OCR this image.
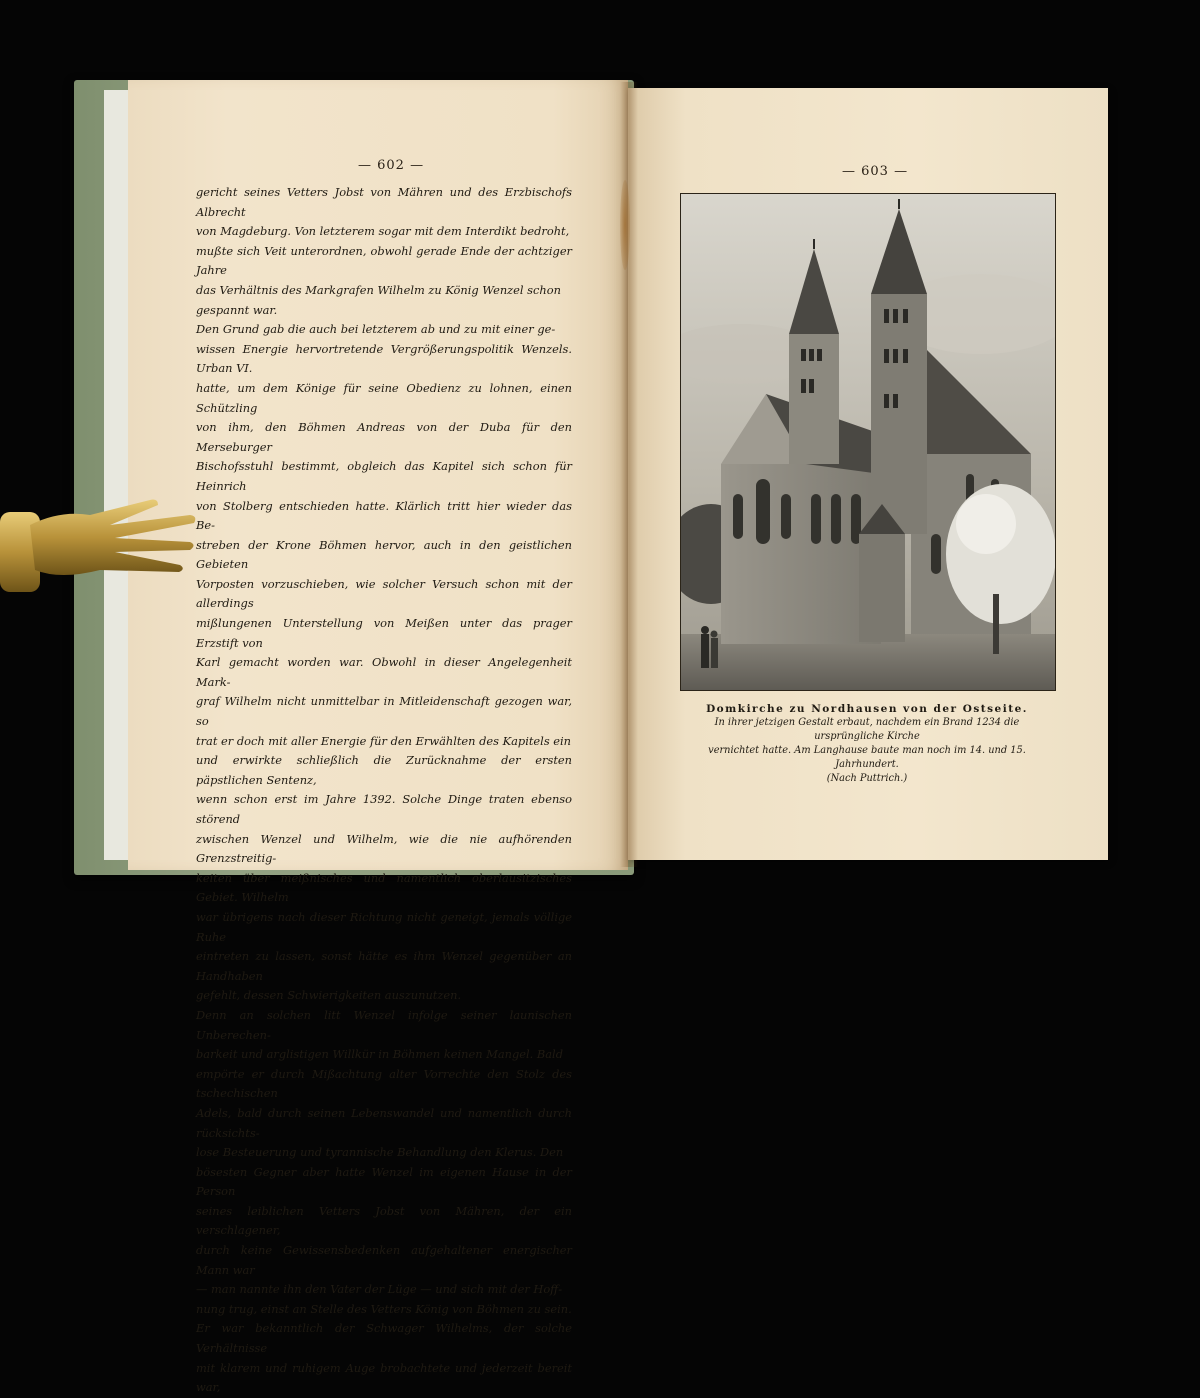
— 602 —	— 603 —

gericht seines Vetters Jobst von Mähren und des Erzbischofs Albrecht

von Magdeburg. Von letzterem sogar mit dem Interdikt bedroht,

mußte sich Veit unterordnen, obwohl gerade Ende der achtziger Jahre

das Verhältnis des Markgrafen Wilhelm zu König Wenzel schon

gespannt war.

Den Grund gab die auch bei letzterem ab und zu mit einer ge-

wissen Energie hervortretende Vergrößerungspolitik Wenzels. Urban VI.

hatte, um dem Könige für seine Obedienz zu lohnen, einen Schützling

von ihm, den Böhmen Andreas von der Duba für den Merseburger

Bischofsstuhl bestimmt, obgleich das Kapitel sich schon für Heinrich

von Stolberg entschieden hatte. Klärlich tritt hier wieder das Be-

streben der Krone Böhmen hervor, auch in den geistlichen Gebieten

Vorposten vorzuschieben, wie solcher Versuch schon mit der allerdings

mißlungenen Unterstellung von Meißen unter das prager Erzstift von

Karl gemacht worden war. Obwohl in dieser Angelegenheit Mark-

graf Wilhelm nicht unmittelbar in Mitleidenschaft gezogen war, so

trat er doch mit aller Energie für den Erwählten des Kapitels ein

und erwirkte schließlich die Zurücknahme der ersten päpstlichen Sentenz,

wenn schon erst im Jahre 1392. Solche Dinge traten ebenso störend

zwischen Wenzel und Wilhelm, wie die nie aufhörenden Grenzstreitig-

keiten über meißnisches und namentlich oberlausitzisches Gebiet. Wilhelm

war übrigens nach dieser Richtung nicht geneigt, jemals völlige Ruhe

eintreten zu lassen, sonst hätte es ihm Wenzel gegenüber an Handhaben

gefehlt, dessen Schwierigkeiten auszunutzen.

Denn an solchen litt Wenzel infolge seiner launischen Unberechen-

barkeit und arglistigen Willkür in Böhmen keinen Mangel. Bald

empörte er durch Mißachtung alter Vorrechte den Stolz des tschechischen

Adels, bald durch seinen Lebenswandel und namentlich durch rücksichts-

lose Besteuerung und tyrannische Behandlung den Klerus. Den

bösesten Gegner aber hatte Wenzel im eigenen Hause in der Person

seines leiblichen Vetters Jobst von Mähren, der ein verschlagener,

durch keine Gewissensbedenken aufgehaltener energischer Mann war

— man nannte ihn den Vater der Lüge — und sich mit der Hoff-

nung trug, einst an Stelle des Vetters König von Böhmen zu sein.

Er war bekanntlich der Schwager Wilhelms, der solche Verhältnisse

mit klarem und ruhigem Auge brobachtete und jederzeit bereit war,

Domkirche zu Nordhausen von der Ostseite.
In ihrer jetzigen Gestalt erbaut, nachdem ein Brand 1234 die ursprüngliche Kirche
vernichtet hatte. Am Langhause baute man noch im 14. und 15. Jahrhundert.
(Nach Puttrich.)
